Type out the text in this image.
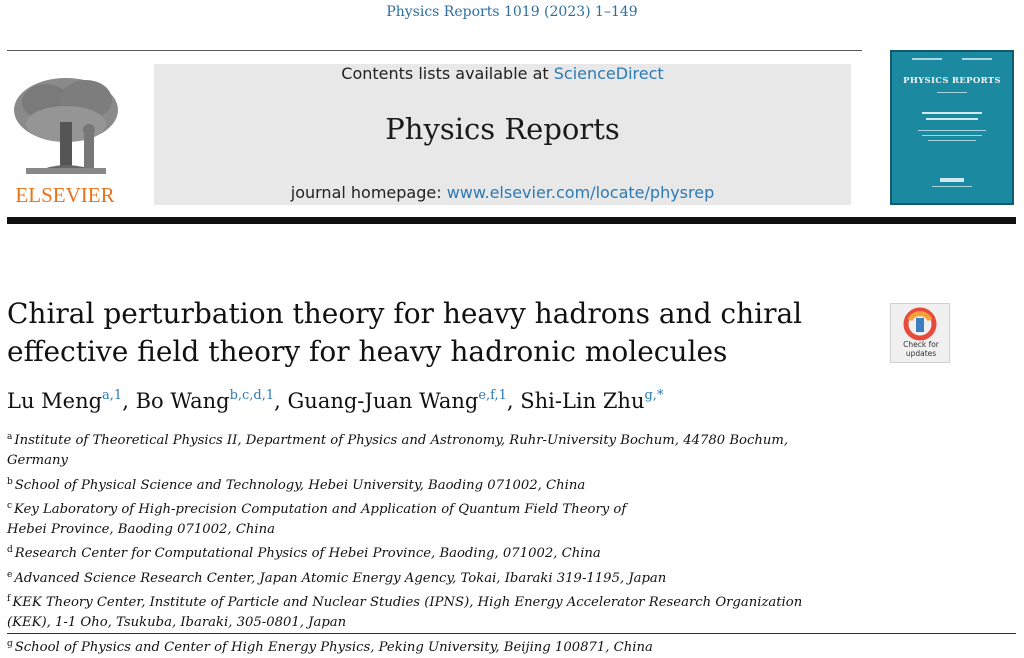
Physics Reports 1019 (2023) 1–149
ELSEVIER
Contents lists available at ScienceDirect
Physics Reports
journal homepage: www.elsevier.com/locate/physrep
PHYSICS REPORTS
Chiral perturbation theory for heavy hadrons and chiral effective field theory for heavy hadronic molecules	Check for updates
Lu Meng$^{a,1}$, Bo Wang$^{b,c,d,1}$, Guang-Juan Wang$^{e,f,1}$, Shi-Lin Zhu$^{g,*}$
$^a$ Institute of Theoretical Physics II, Department of Physics and Astronomy, Ruhr-University Bochum, 44780 Bochum, Germany
$^b$ School of Physical Science and Technology, Hebei University, Baoding 071002, China
$^c$ Key Laboratory of High-precision Computation and Application of Quantum Field Theory of Hebei Province, Baoding 071002, China
$^d$ Research Center for Computational Physics of Hebei Province, Baoding, 071002, China
$^e$ Advanced Science Research Center, Japan Atomic Energy Agency, Tokai, Ibaraki 319-1195, Japan
$^f$ KEK Theory Center, Institute of Particle and Nuclear Studies (IPNS), High Energy Accelerator Research Organization (KEK), 1-1 Oho, Tsukuba, Ibaraki, 305-0801, Japan
$^g$ School of Physics and Center of High Energy Physics, Peking University, Beijing 100871, China
